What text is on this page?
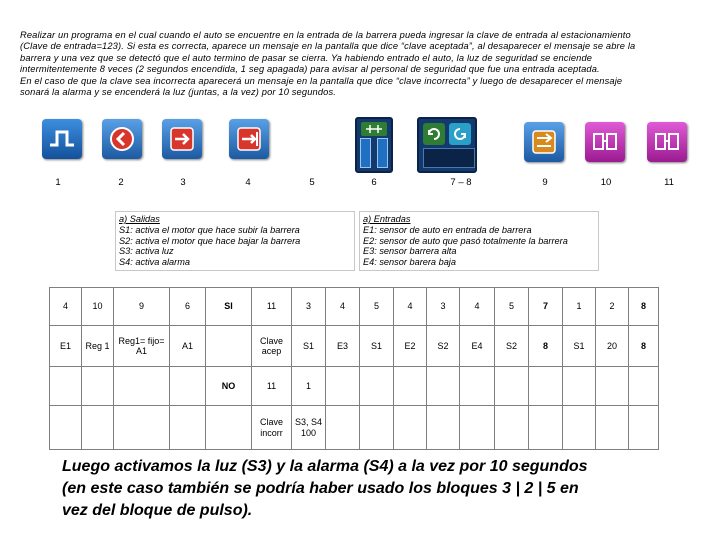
Realizar un programa en el cual cuando el auto se encuentre en la entrada de la barrera pueda ingresar la clave de entrada al estacionamiento
(Clave de entrada=123). Si esta es correcta, aparece un mensaje en la pantalla que dice “clave aceptada”, al desaparecer el mensaje se abre la
barrera y una vez que se detectó que el auto termino de pasar se cierra. Ya habiendo entrado el auto, la luz de seguridad se enciende
intermitentemente 8 veces (2 segundos encendida, 1 seg apagada) para avisar al personal de seguridad que fue una entrada aceptada.
En el caso de que la clave sea incorrecta aparecerá un mensaje en la pantalla que dice “clave incorrecta” y luego de desaparecer el mensaje
sonará la alarma y se encenderá la luz (juntas, a la vez) por 10 segundos.
1	2	3	4	5	6	7 – 8	9	10	11
a) Salidas
S1: activa el motor que hace subir la barrera
S2: activa el motor que hace bajar la barrera
S3: activa luz
S4: activa alarma
a) Entradas
E1: sensor de auto en entrada de barrera
E2: sensor de auto que pasó totalmente la barrera
E3: sensor barrera alta
E4: sensor barera baja
4	10	9	6	SI	11	3	4	5	4	3	4	5	7	1	2	8
E1	Reg 1	Reg1= fijo= A1	A1		Clave acep	S1	E3	S1	E2	S2	E4	S2	8	S1	20	8
				NO	11	1										
					Clave incorr	S3, S4 100										
Luego activamos la luz (S3) y la alarma (S4) a la vez por 10 segundos
(en este caso también se podría haber usado los bloques 3 | 2 | 5 en
vez del bloque de pulso).
